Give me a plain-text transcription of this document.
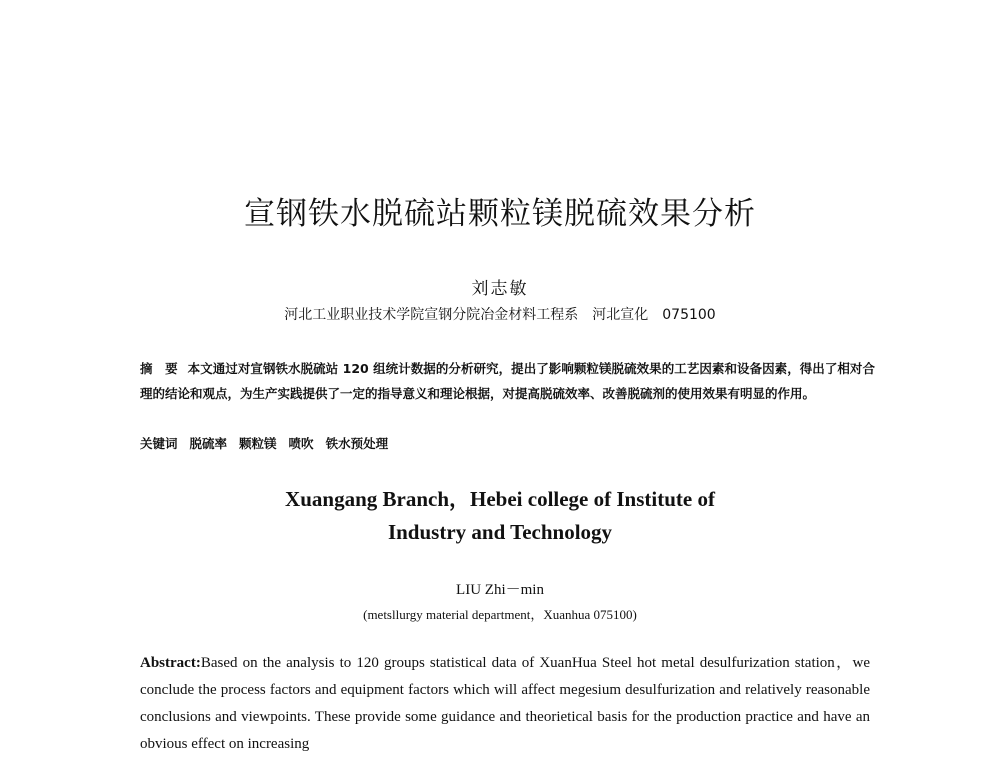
宣钢铁水脱硫站颗粒镁脱硫效果分析
刘志敏
河北工业职业技术学院宣钢分院冶金材料工程系　河北宣化 075100
摘　要 本文通过对宣钢铁水脱硫站 120 组统计数据的分析研究，提出了影响颗粒镁脱硫效果的工艺因素和设备因素，得出了相对合理的结论和观点，为生产实践提供了一定的指导意义和理论根据，对提高脱硫效率、改善脱硫剂的使用效果有明显的作用。
关键词 脱硫率 颗粒镁 喷吹 铁水预处理
Xuangang Branch，Hebei college of Institute of
Industry and Technology
LIU Zhi－min
(metsllurgy material department，Xuanhua 075100)
Abstract:Based on the analysis to 120 groups statistical data of XuanHua Steel hot metal desulfurization station，we conclude the process factors and equipment factors which will affect megesium desulfurization and relatively reasonable conclusions and viewpoints. These provide some guidance and theorietical basis for the production practice and have an obvious effect on increasing
